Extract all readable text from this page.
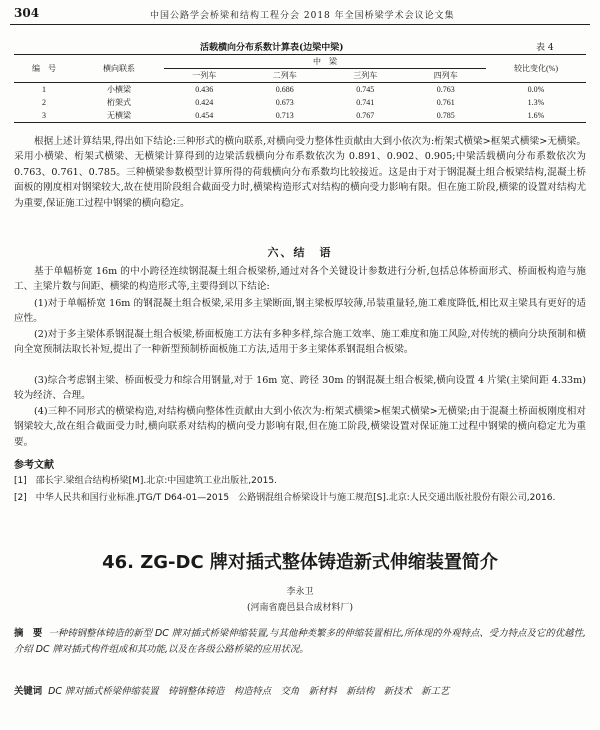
304	中国公路学会桥梁和结构工程分会 2018 年全国桥梁学术会议论文集
活载横向分布系数计算表(边梁中梁)	表 4
编　号	横向联系	中　梁				较比变化(%)
		一列车	二列车	三列车	四列车	
1	小横梁	0.436	0.686	0.745	0.763	0.0%
2	桁架式	0.424	0.673	0.741	0.761	1.3%
3	无横梁	0.454	0.713	0.767	0.785	1.6%
根据上述计算结果,得出如下结论:三种形式的横向联系,对横向受力整体性贡献由大到小依次为:桁架式横梁>框架式横梁>无横梁。采用小横梁、桁架式横梁、无横梁计算得到的边梁活载横向分布系数依次为 0.891、0.902、0.905;中梁活载横向分布系数依次为 0.763、0.761、0.785。三种横梁参数模型计算所得的荷载横向分布系数均比较接近。这是由于对于钢混凝土组合板梁结构,混凝土桥面板的刚度相对钢梁较大,故在使用阶段组合截面受力时,横梁构造形式对结构的横向受力影响有限。但在施工阶段,横梁的设置对结构尤为重要,保证施工过程中钢梁的横向稳定。
六、结　语
基于单幅桥宽 16m 的中小跨径连续钢混凝土组合板梁桥,通过对各个关键设计参数进行分析,包括总体桥面形式、桥面板构造与施工、主梁片数与间距、横梁的构造形式等,主要得到以下结论:
(1)对于单幅桥宽 16m 的钢混凝土组合板梁,采用多主梁断面,钢主梁板厚较薄,吊装重量轻,施工难度降低,相比双主梁具有更好的适应性。
(2)对于多主梁体系钢混凝土组合板梁,桥面板施工方法有多种多样,综合施工效率、施工难度和施工风险,对传统的横向分块预制和横向全宽预制法取长补短,提出了一种新型预制桥面板施工方法,适用于多主梁体系钢混组合板梁。
(3)综合考虑钢主梁、桥面板受力和综合用钢量,对于 16m 宽、跨径 30m 的钢混凝土组合板梁,横向设置 4 片梁(主梁间距 4.33m)较为经济、合理。
(4)三种不同形式的横梁构造,对结构横向整体性贡献由大到小依次为:桁架式横梁>框架式横梁>无横梁;由于混凝土桥面板刚度相对钢梁较大,故在组合截面受力时,横向联系对结构的横向受力影响有限,但在施工阶段,横梁设置对保证施工过程中钢梁的横向稳定尤为重要。
参考文献
[1]　邵长宇.梁组合结构桥梁[M].北京:中国建筑工业出版社,2015.
[2]　中华人民共和国行业标准.JTG/T D64-01—2015　公路钢混组合桥梁设计与施工规范[S].北京:人民交通出版社股份有限公司,2016.
46. ZG-DC 牌对插式整体铸造新式伸缩装置简介
李永卫
(河南省鹿邑县合成材料厂)
摘　要 一种铸钢整体铸造的新型 DC 牌对插式桥梁伸缩装置,与其他种类繁多的伸缩装置相比,所体现的外观特点、受力特点及它的优越性,介绍 DC 牌对插式构件组成和其功能,以及在各级公路桥梁的应用状况。
关键词 DC 牌对插式桥梁伸缩装置　铸钢整体铸造　构造特点　交角　新材料　新结构　新技术　新工艺
